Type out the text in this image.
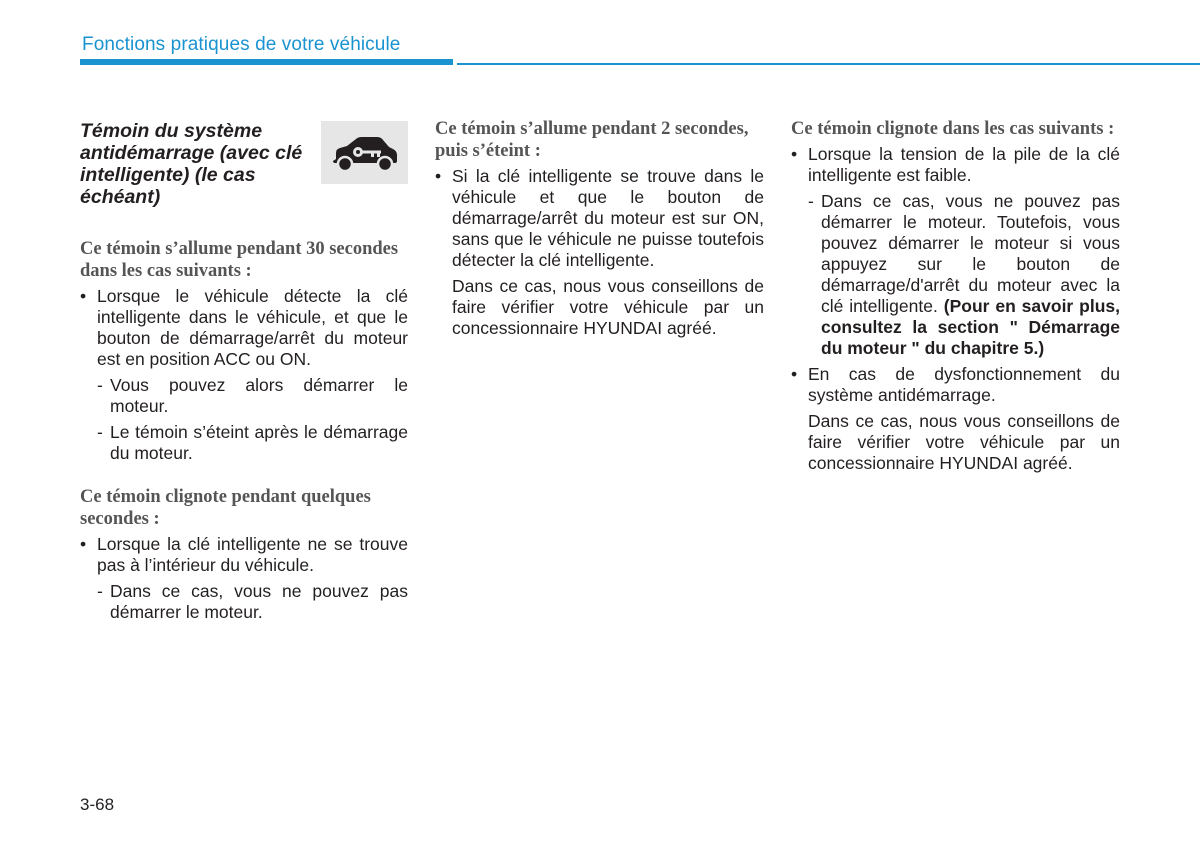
Fonctions pratiques de votre véhicule
Témoin du système antidémarrage (avec clé intelligente) (le cas échéant)
Ce témoin s’allume pendant 30 secondes dans les cas suivants :
• Lorsque le véhicule détecte la clé intelligente dans le véhicule, et que le bouton de démarrage/arrêt du moteur est en position ACC ou ON.
- Vous pouvez alors démarrer le moteur.
- Le témoin s’éteint après le démarrage du moteur.
Ce témoin clignote pendant quelques secondes :
• Lorsque la clé intelligente ne se trouve pas à l’intérieur du véhicule.
- Dans ce cas, vous ne pouvez pas démarrer le moteur.
Ce témoin s’allume pendant 2 secondes, puis s’éteint :
• Si la clé intelligente se trouve dans le véhicule et que le bouton de démarrage/arrêt du moteur est sur ON, sans que le véhicule ne puisse toutefois détecter la clé intelligente.
Dans ce cas, nous vous conseillons de faire vérifier votre véhicule par un concessionnaire HYUNDAI agréé.
Ce témoin clignote dans les cas suivants :
• Lorsque la tension de la pile de la clé intelligente est faible.
- Dans ce cas, vous ne pouvez pas démarrer le moteur. Toutefois, vous pouvez démarrer le moteur si vous appuyez sur le bouton de démarrage/d'arrêt du moteur avec la clé intelligente. (Pour en savoir plus, consultez la section " Démarrage du moteur " du chapitre 5.)
• En cas de dysfonctionnement du système antidémarrage.
Dans ce cas, nous vous conseillons de faire vérifier votre véhicule par un concessionnaire HYUNDAI agréé.
3-68
